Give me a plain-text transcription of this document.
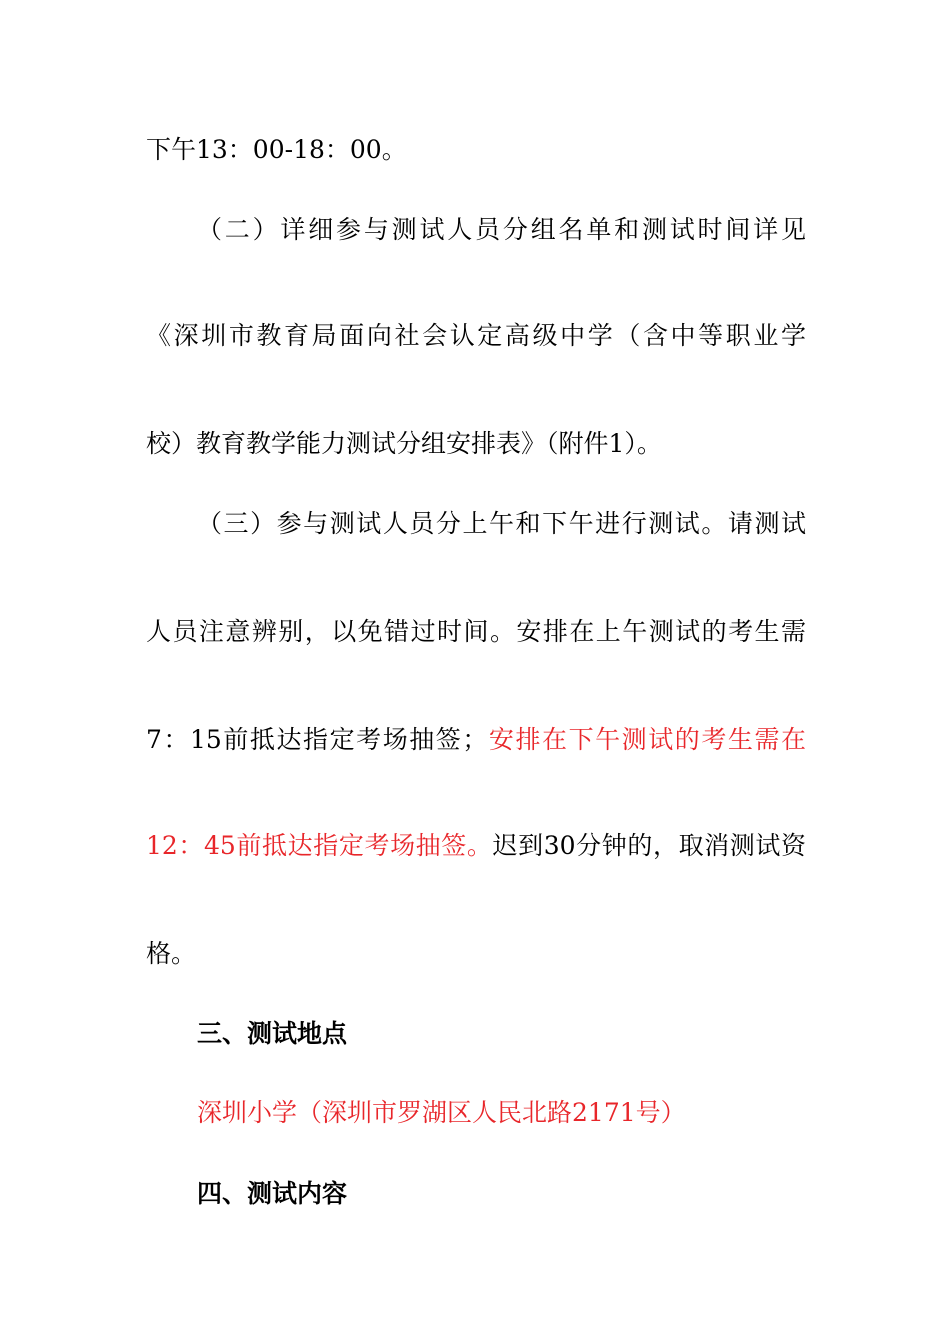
下午13：00-18：00。
（二）详细参与测试人员分组名单和测试时间详见
《深圳市教育局面向社会认定高级中学（含中等职业学
校）教育教学能力测试分组安排表》（附件1）。
（三）参与测试人员分上午和下午进行测试。请测试
人员注意辨别，以免错过时间。安排在上午测试的考生需
7：15前抵达指定考场抽签；安排在下午测试的考生需在
12：45前抵达指定考场抽签。迟到30分钟的，取消测试资
格。
三、测试地点
深圳小学（深圳市罗湖区人民北路2171号）
四、测试内容
